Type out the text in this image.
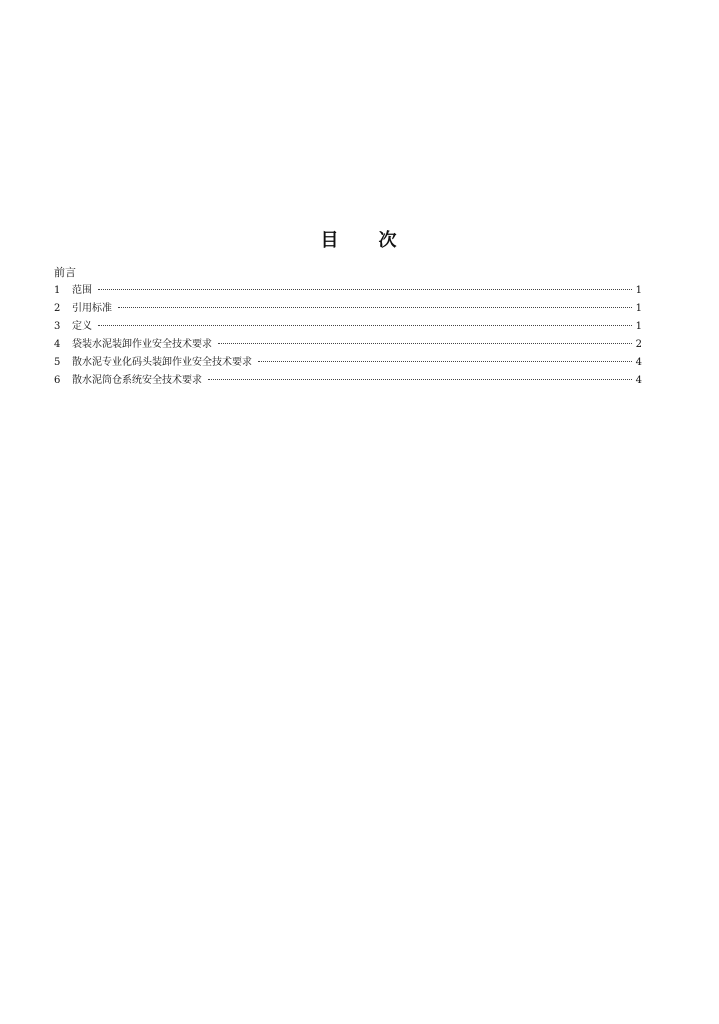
目 次
前言
1	范围	1
2	引用标准	1
3	定义	1
4	袋装水泥装卸作业安全技术要求	2
5	散水泥专业化码头装卸作业安全技术要求	4
6	散水泥筒仓系统安全技术要求	4
